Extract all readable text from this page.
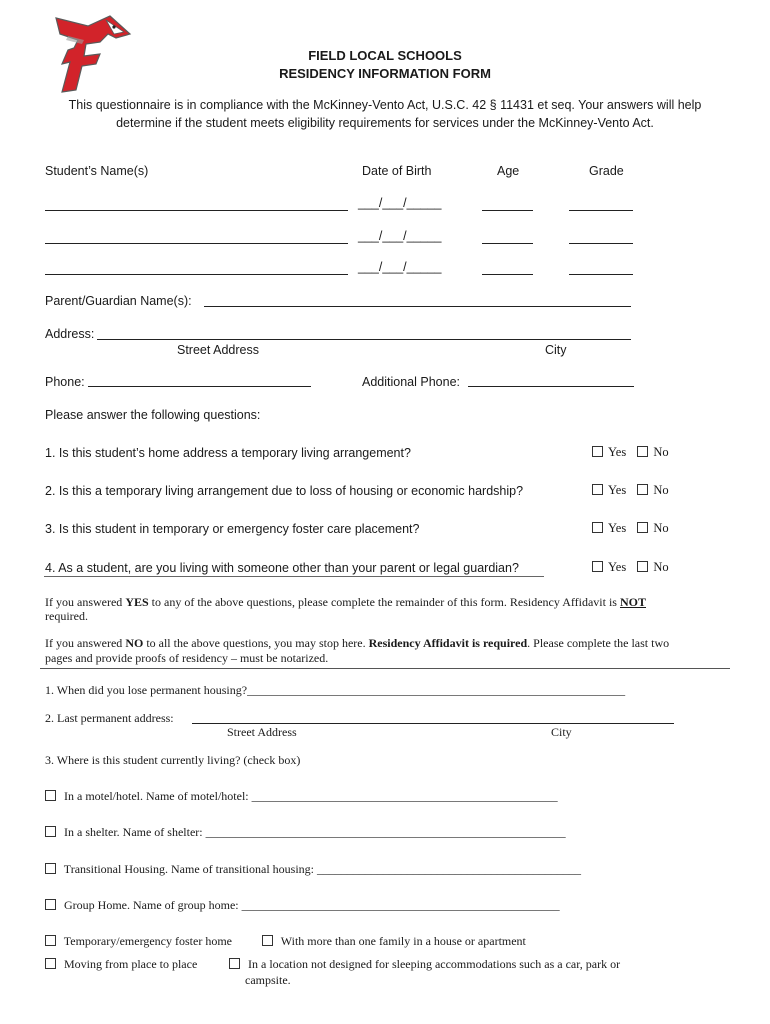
FIELD LOCAL SCHOOLS
RESIDENCY INFORMATION FORM
This questionnaire is in compliance with the McKinney-Vento Act, U.S.C. 42 § 11431 et seq. Your answers will help
determine if the student meets eligibility requirements for services under the McKinney-Vento Act.
Student’s Name(s)	Date of Birth	Age	Grade
___/___/_____
___/___/_____
___/___/_____
Parent/Guardian Name(s):
Address:
Street Address	City
Phone:	Additional Phone:
Please answer the following questions:
1. Is this student’s home address a temporary living arrangement?	Yes No
2. Is this a temporary living arrangement due to loss of housing or economic hardship?	Yes No
3. Is this student in temporary or emergency foster care placement?	Yes No
4. As a student, are you living with someone other than your parent or legal guardian?	Yes No
If you answered YES to any of the above questions, please complete the remainder of this form. Residency Affidavit is NOT
required.
If you answered NO to all the above questions, you may stop here. Residency Affidavit is required. Please complete the last two
pages and provide proofs of residency – must be notarized.
1. When did you lose permanent housing?_______________________________________________________________
2. Last permanent address:
Street Address	City
3. Where is this student currently living? (check box)
In a motel/hotel. Name of motel/hotel: ___________________________________________________
In a shelter. Name of shelter: ____________________________________________________________
Transitional Housing. Name of transitional housing: ____________________________________________
Group Home. Name of group home: _____________________________________________________
Temporary/emergency foster home	With more than one family in a house or apartment
Moving from place to place	In a location not designed for sleeping accommodations such as a car, park or
campsite.
